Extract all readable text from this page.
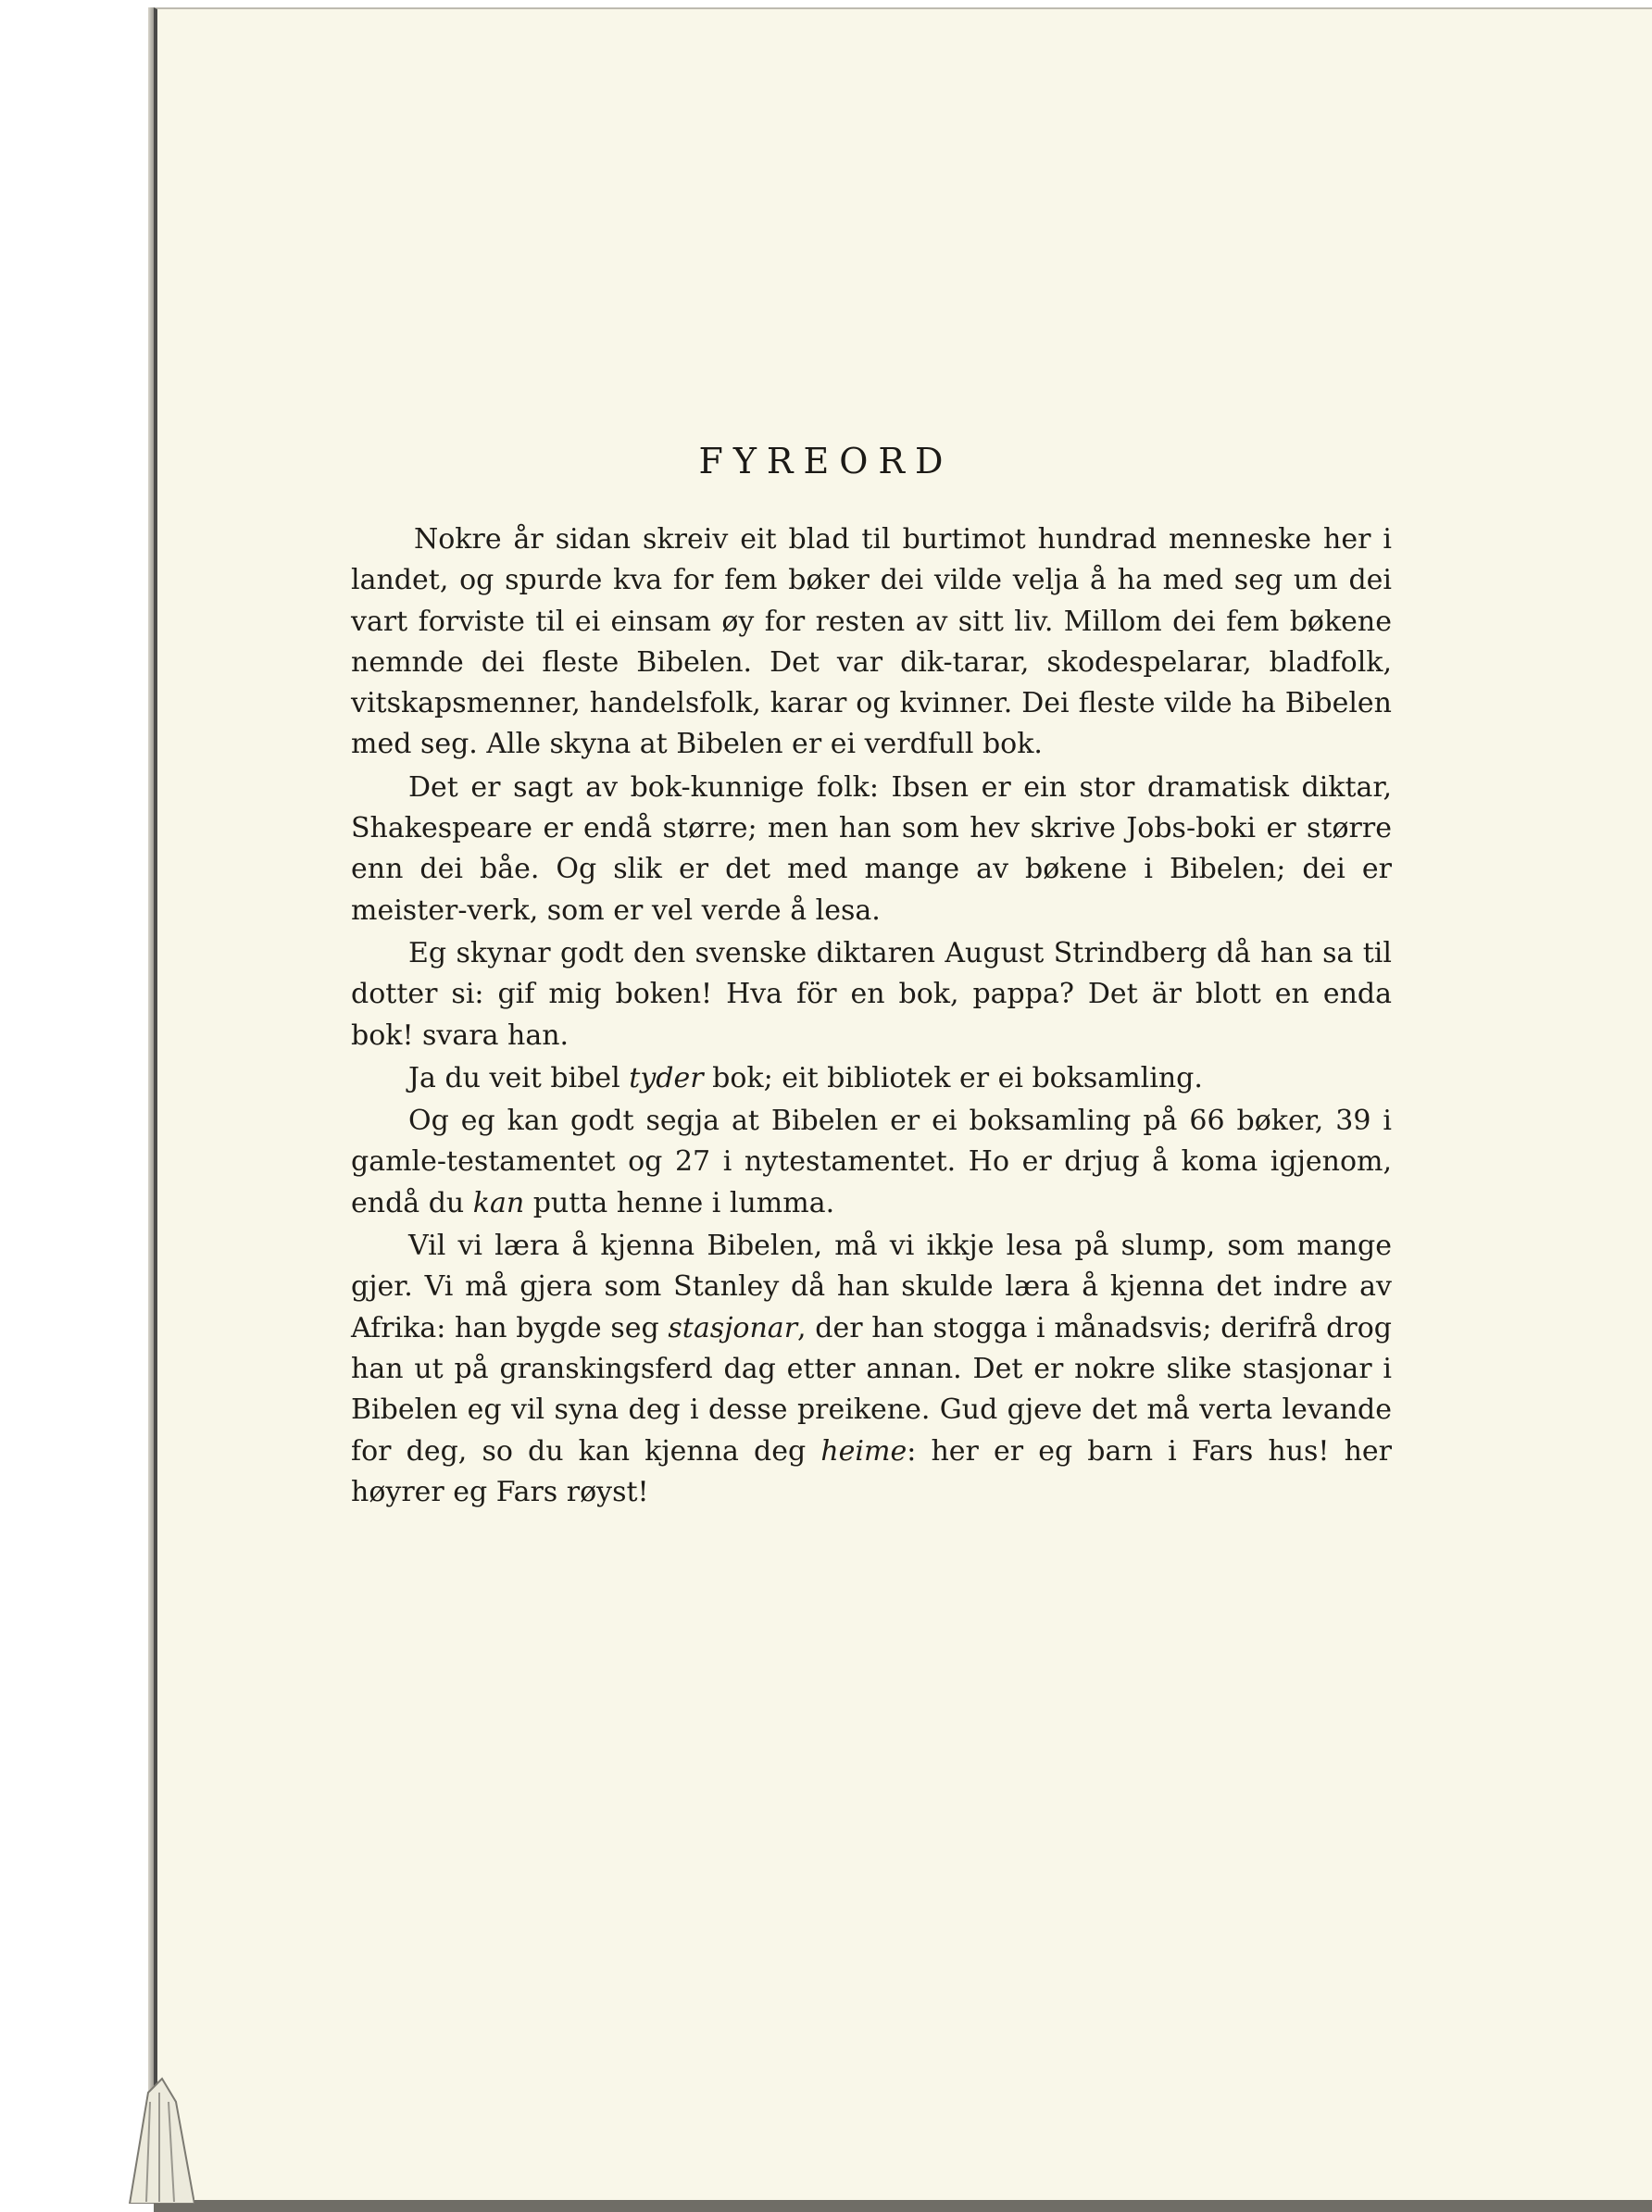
FYREORD

Nokre år sidan skreiv eit blad til burtimot hundrad menneske her i landet, og spurde kva for fem bøker dei vilde velja å ha med seg um dei vart forviste til ei einsam øy for resten av sitt liv. Millom dei fem bøkene nemnde dei fleste Bibelen. Det var dik-tarar, skodespelarar, bladfolk, vitskapsmenner, handelsfolk, karar og kvinner. Dei fleste vilde ha Bibelen med seg. Alle skyna at Bibelen er ei verdfull bok.

Det er sagt av bok-kunnige folk: Ibsen er ein stor dramatisk diktar, Shakespeare er endå større; men han som hev skrive Jobs-boki er større enn dei båe. Og slik er det med mange av bøkene i Bibelen; dei er meister-verk, som er vel verde å lesa.

Eg skynar godt den svenske diktaren August Strindberg då han sa til dotter si: gif mig boken! Hva för en bok, pappa? Det är blott en enda bok! svara han.

Ja du veit bibel tyder bok; eit bibliotek er ei boksamling.

Og eg kan godt segja at Bibelen er ei boksamling på 66 bøker, 39 i gamle-testamentet og 27 i nytestamentet. Ho er drjug å koma igjenom, endå du kan putta henne i lumma.

Vil vi læra å kjenna Bibelen, må vi ikkje lesa på slump, som mange gjer. Vi må gjera som Stanley då han skulde læra å kjenna det indre av Afrika: han bygde seg stasjonar, der han stogga i månadsvis; derifrå drog han ut på granskingsferd dag etter annan. Det er nokre slike stasjonar i Bibelen eg vil syna deg i desse preikene. Gud gjeve det må verta levande for deg, so du kan kjenna deg heime: her er eg barn i Fars hus! her høyrer eg Fars røyst!
